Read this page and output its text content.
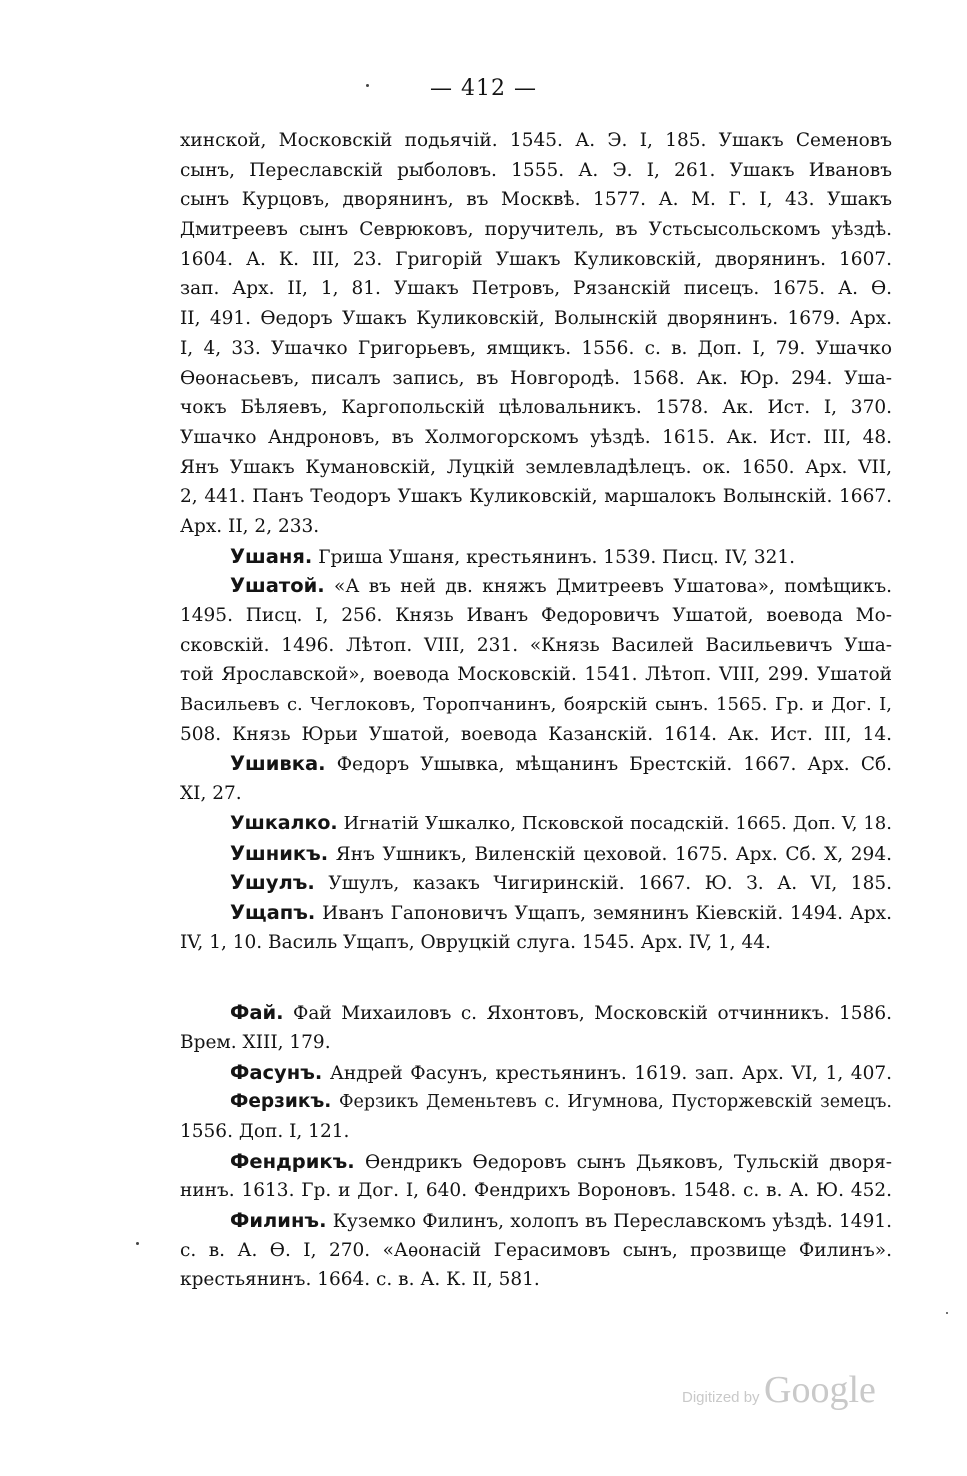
— 412 —
хинской, Московскій подьячій. 1545. А. Э. I, 185. Ушакъ Семеновъ
сынъ, Переславскій рыболовъ. 1555. А. Э. I, 261. Ушакъ Ивановъ
сынъ Курцовъ, дворянинъ, въ Москвѣ. 1577. А. М. Г. I, 43. Ушакъ
Дмитреевъ сынъ Севрюковъ, поручитель, въ Устьсысольскомъ уѣздѣ.
1604. А. К. III, 23. Григорій Ушакъ Куликовскій, дворянинъ. 1607.
зап. Арх. II, 1, 81. Ушакъ Петровъ, Рязанскій писецъ. 1675. А. Ѳ.
II, 491. Ѳедоръ Ушакъ Куликовскій, Волынскій дворянинъ. 1679. Арх.
I, 4, 33. Ушачко Григорьевъ, ямщикъ. 1556. с. в. Доп. I, 79. Ушачко
Ѳѳонасьевъ, писалъ запись, въ Новгородѣ. 1568. Ак. Юр. 294. Уша-
чокъ Бѣляевъ, Каргопольскій цѣловальникъ. 1578. Ак. Ист. I, 370.
Ушачко Андроновъ, въ Холмогорскомъ уѣздѣ. 1615. Ак. Ист. III, 48.
Янъ Ушакъ Кумановскій, Луцкій землевладѣлецъ. ок. 1650. Арх. VII,
2, 441. Панъ Теодоръ Ушакъ Куликовскій, маршалокъ Волынскій. 1667.
Арх. II, 2, 233.
Ушаня. Гриша Ушаня, крестьянинъ. 1539. Писц. IV, 321.
Ушатой. «А въ ней дв. княжъ Дмитреевъ Ушатова», помѣщикъ.
1495. Писц. I, 256. Князь Иванъ Федоровичъ Ушатой, воевода Мо-
сковскій. 1496. Лѣтоп. VIII, 231. «Князь Василей Васильевичъ Уша-
той Ярославской», воевода Московскій. 1541. Лѣтоп. VIII, 299. Ушатой
Васильевъ с. Чеглоковъ, Торопчанинъ, боярскій сынъ. 1565. Гр. и Дог. I,
508. Князь Юрьи Ушатой, воевода Казанскій. 1614. Ак. Ист. III, 14.
Ушивка. Федоръ Ушывка, мѣщанинъ Брестскій. 1667. Арх. Сб.
XI, 27.
Ушкалко. Игнатій Ушкалко, Псковской посадскій. 1665. Доп. V, 18.
Ушникъ. Янъ Ушникъ, Виленскій цеховой. 1675. Арх. Сб. X, 294.
Ушулъ. Ушулъ, казакъ Чигиринскій. 1667. Ю. З. А. VI, 185.
Ущапъ. Иванъ Гапоновичъ Ущапъ, земянинъ Кіевскій. 1494. Арх.
IV, 1, 10. Василь Ущапъ, Овруцкій слуга. 1545. Арх. IV, 1, 44.
Фай. Фай Михаиловъ с. Яхонтовъ, Московскій отчинникъ. 1586.
Врем. XIII, 179.
Фасунъ. Андрей Фасунъ, крестьянинъ. 1619. зап. Арх. VI, 1, 407.
Ферзикъ. Ферзикъ Деменьтевъ с. Игумнова, Пусторжевскій земецъ.
1556. Доп. I, 121.
Фендрикъ. Ѳендрикъ Ѳедоровъ сынъ Дьяковъ, Тульскій дворя-
нинъ. 1613. Гр. и Дог. I, 640. Фендрихъ Вороновъ. 1548. с. в. А. Ю. 452.
Филинъ. Куземко Филинъ, холопъ въ Переславскомъ уѣздѣ. 1491.
с. в. А. Ѳ. I, 270. «Аѳонасій Герасимовъ сынъ, прозвище Филинъ».
крестьянинъ. 1664. с. в. А. К. II, 581.
Digitized by Google
